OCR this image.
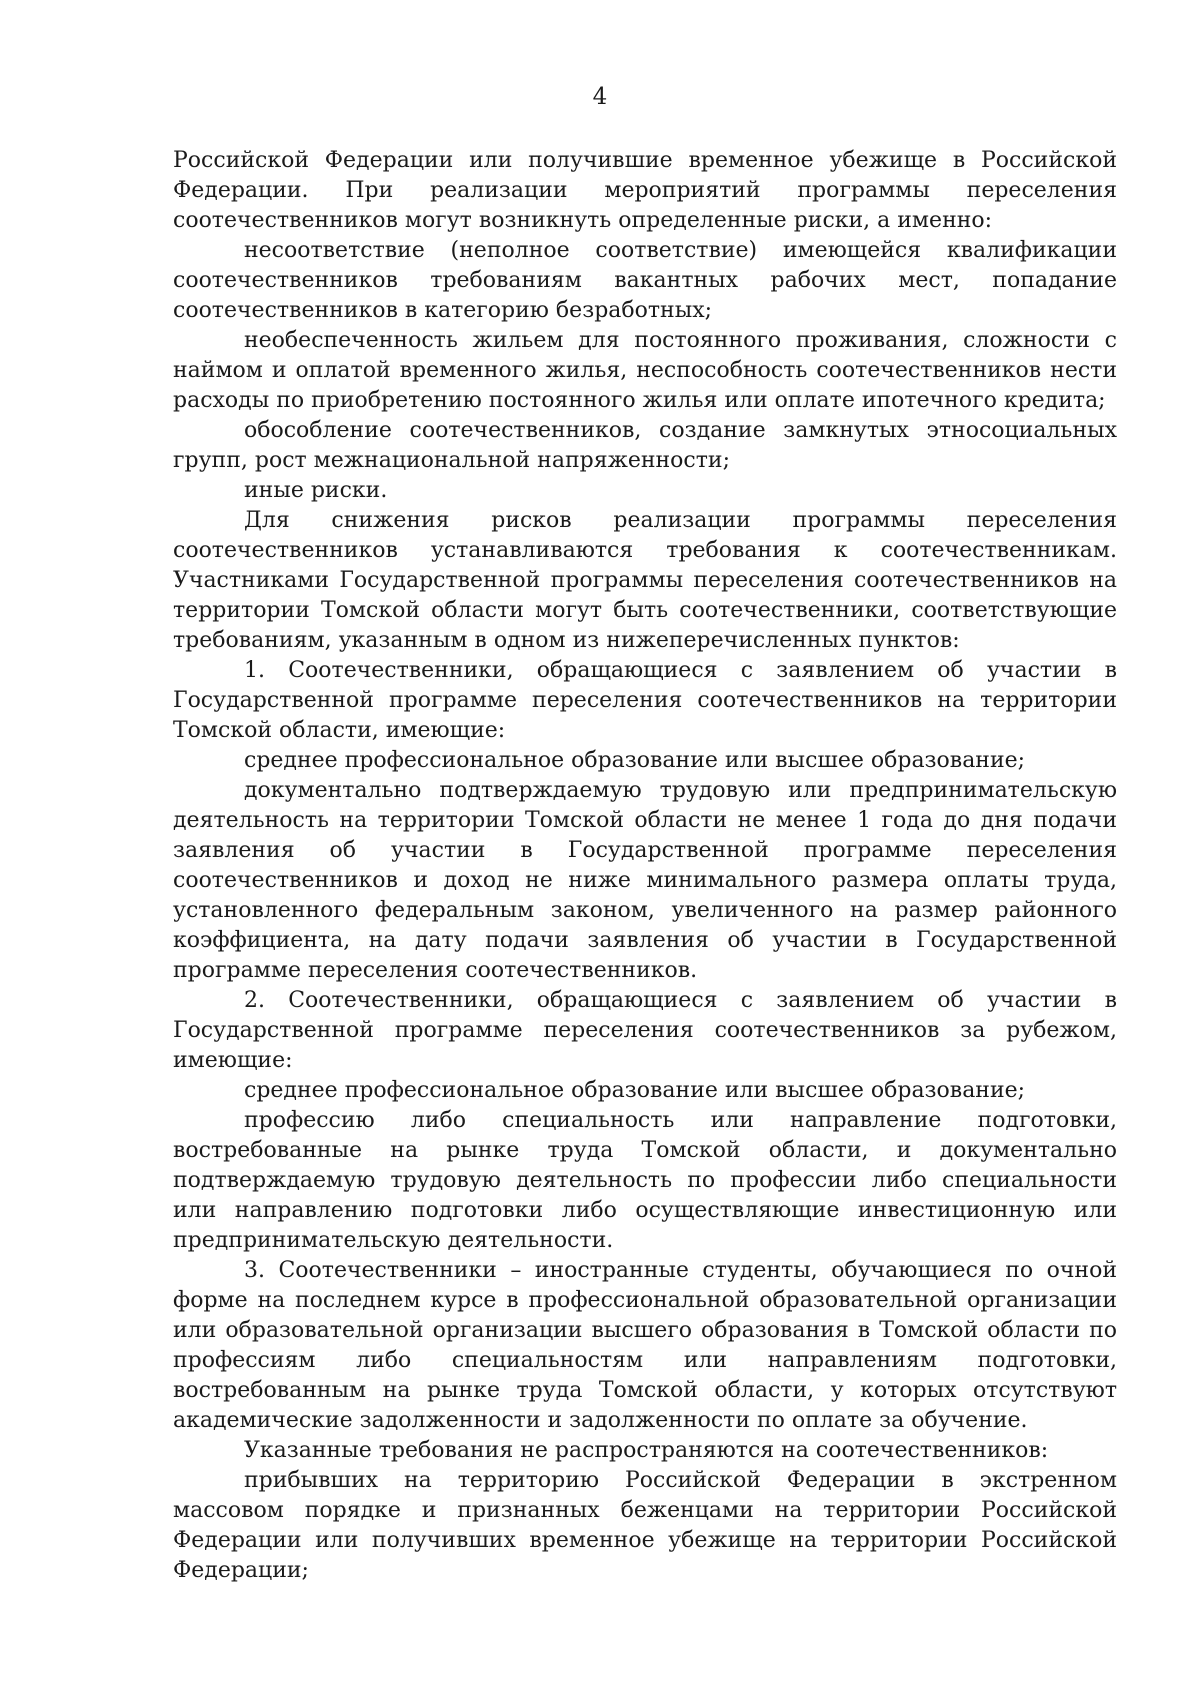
4

Российской Федерации или получившие временное убежище в Российской Федерации. При реализации мероприятий программы переселения соотечественников могут возникнуть определенные риски, а именно:

несоответствие (неполное соответствие) имеющейся квалификации соотечественников требованиям вакантных рабочих мест, попадание соотечественников в категорию безработных;

необеспеченность жильем для постоянного проживания, сложности с наймом и оплатой временного жилья, неспособность соотечественников нести расходы по приобретению постоянного жилья или оплате ипотечного кредита;

обособление соотечественников, создание замкнутых этносоциальных групп, рост межнациональной напряженности;

иные риски.

Для снижения рисков реализации программы переселения соотечественников устанавливаются требования к соотечественникам. Участниками Государственной программы переселения соотечественников на территории Томской области могут быть соотечественники, соответствующие требованиям, указанным в одном из нижеперечисленных пунктов:

1. Соотечественники, обращающиеся с заявлением об участии в Государственной программе переселения соотечественников на территории Томской области, имеющие:

среднее профессиональное образование или высшее образование;

документально подтверждаемую трудовую или предпринимательскую деятельность на территории Томской области не менее 1 года до дня подачи заявления об участии в Государственной программе переселения соотечественников и доход не ниже минимального размера оплаты труда, установленного федеральным законом, увеличенного на размер районного коэффициента, на дату подачи заявления об участии в Государственной программе переселения соотечественников.

2. Соотечественники, обращающиеся с заявлением об участии в Государственной программе переселения соотечественников за рубежом, имеющие:

среднее профессиональное образование или высшее образование;

профессию либо специальность или направление подготовки, востребованные на рынке труда Томской области, и документально подтверждаемую трудовую деятельность по профессии либо специальности или направлению подготовки либо осуществляющие инвестиционную или предпринимательскую деятельности.

3. Соотечественники – иностранные студенты, обучающиеся по очной форме на последнем курсе в профессиональной образовательной организации или образовательной организации высшего образования в Томской области по профессиям либо специальностям или направлениям подготовки, востребованным на рынке труда Томской области, у которых отсутствуют академические задолженности и задолженности по оплате за обучение.

Указанные требования не распространяются на соотечественников:

прибывших на территорию Российской Федерации в экстренном массовом порядке и признанных беженцами на территории Российской Федерации или получивших временное убежище на территории Российской Федерации;
